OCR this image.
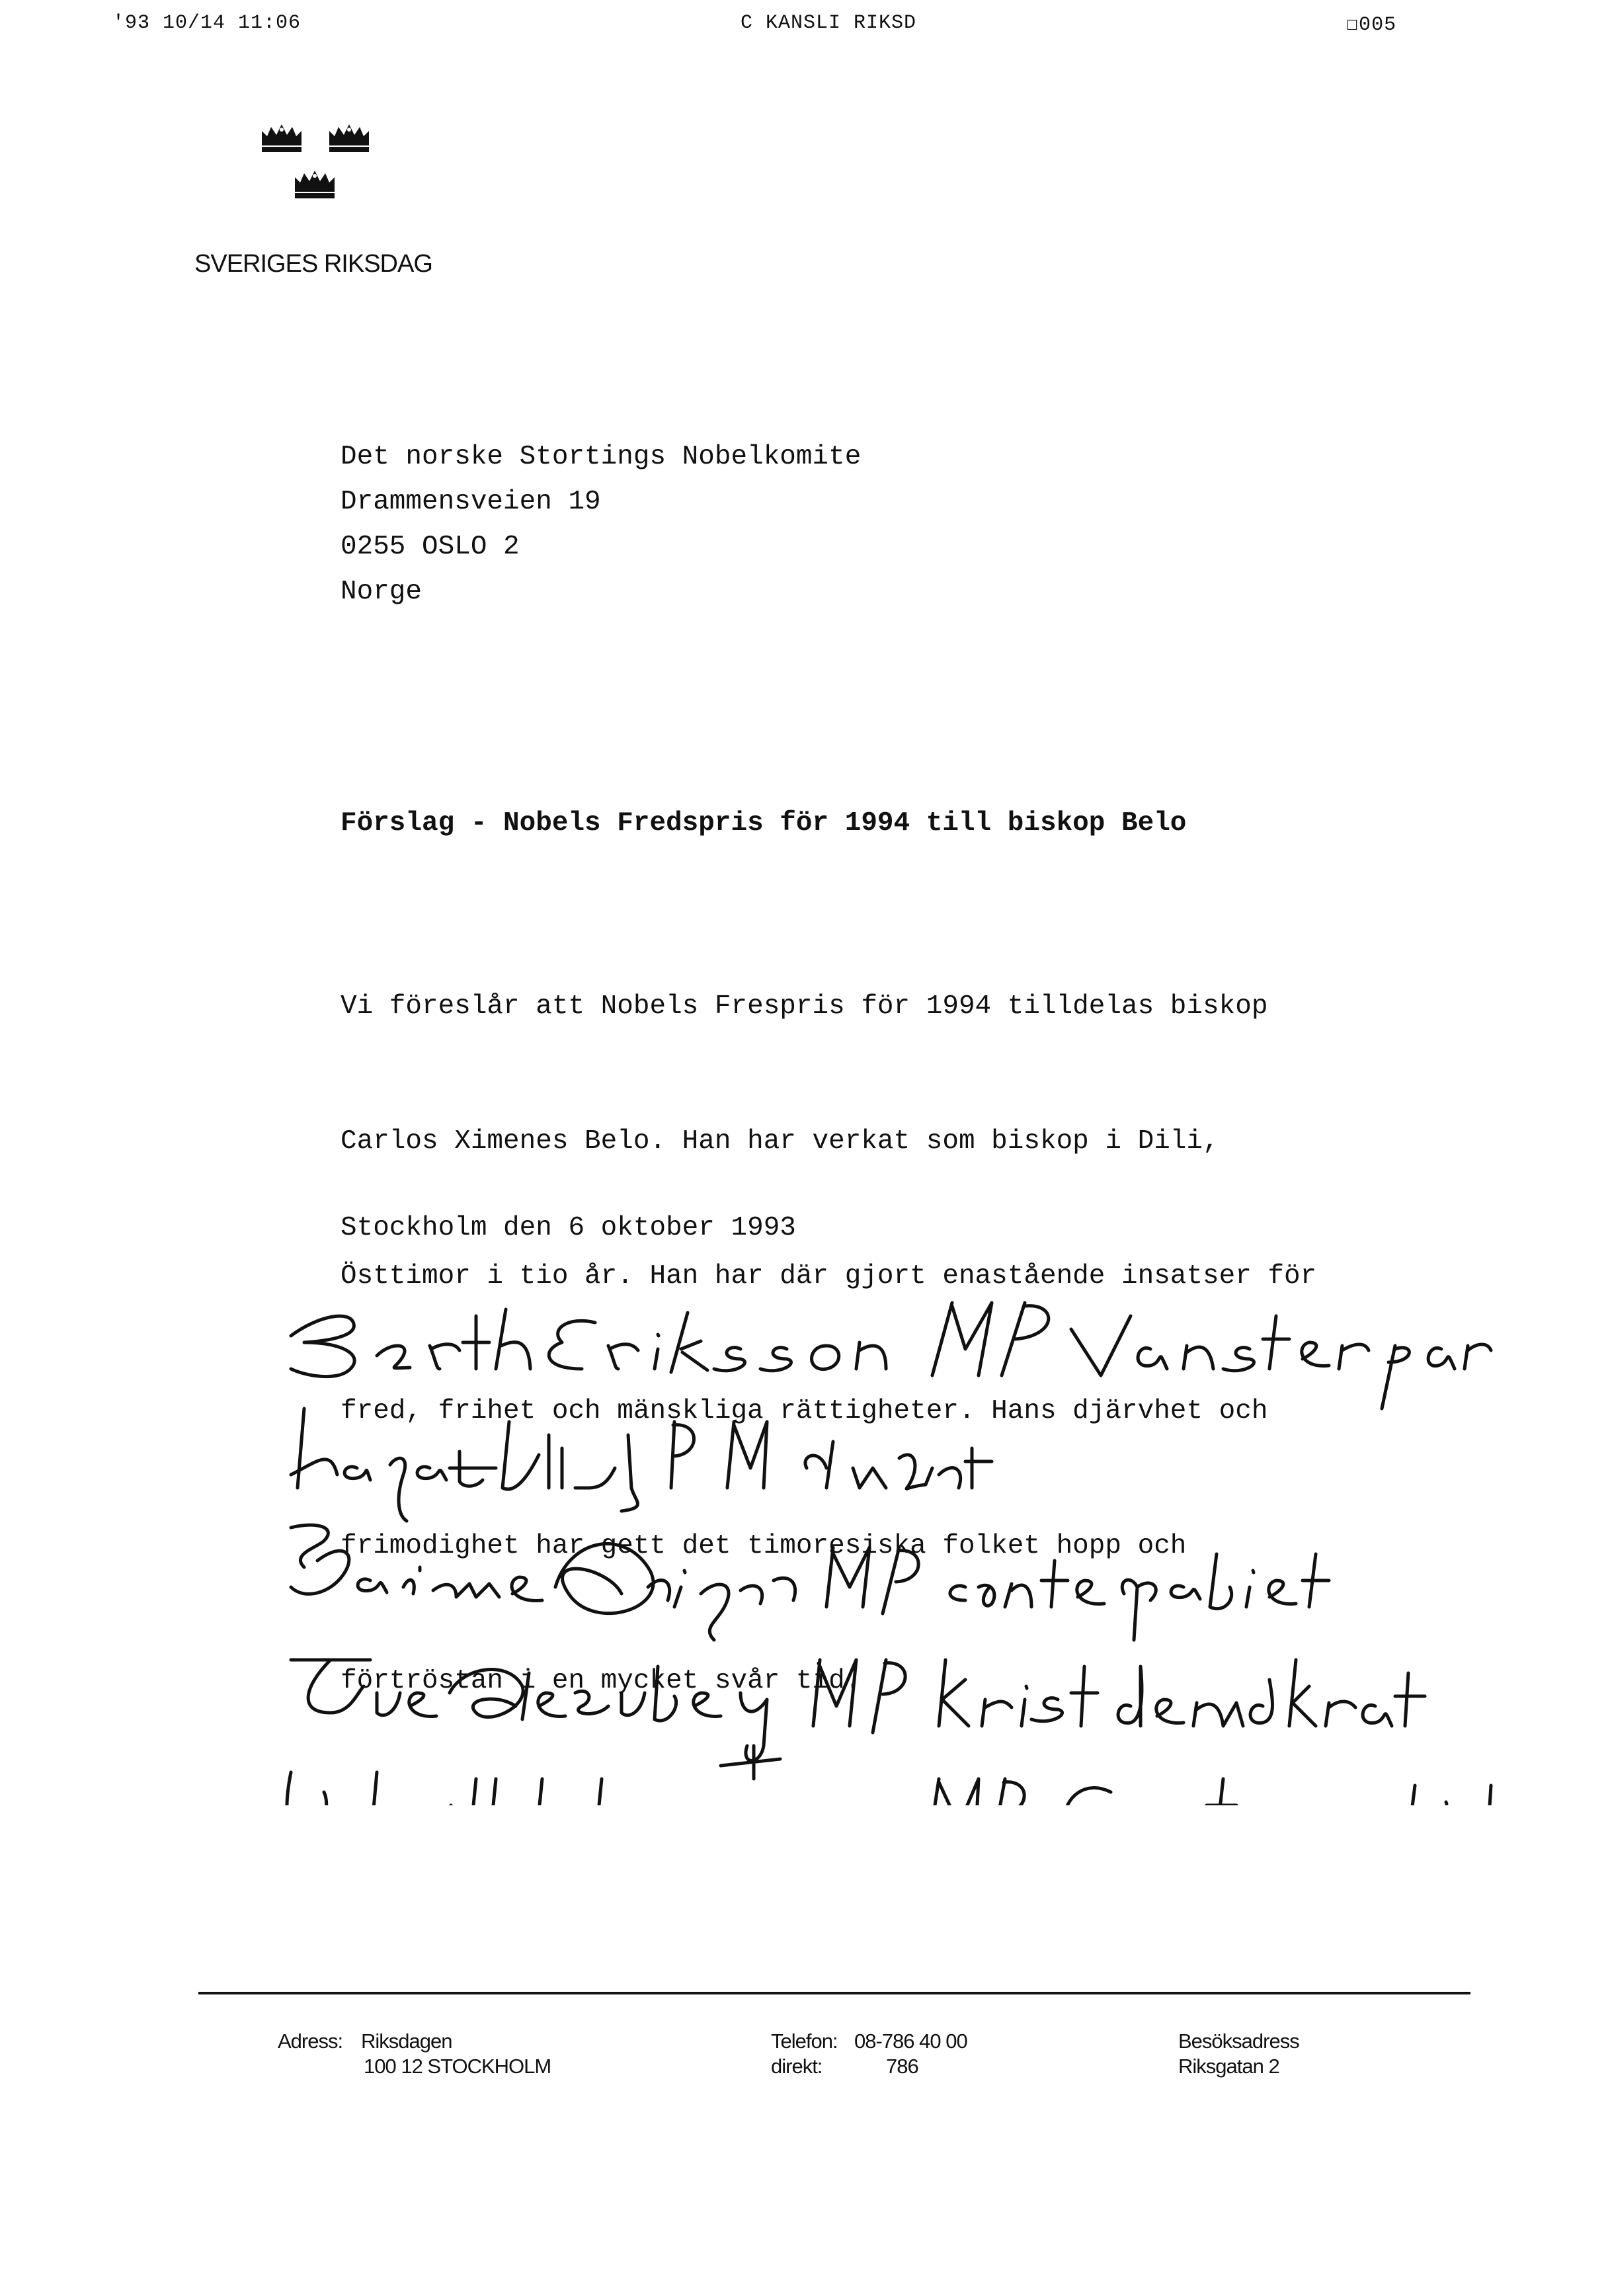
'93 10/14 11:06	C KANSLI RIKSD	☐005
SVERIGES RIKSDAG
Det norske Stortings Nobelkomite
Drammensveien 19
0255 OSLO 2
Norge
Förslag - Nobels Fredspris för 1994 till biskop Belo

Vi föreslår att Nobels Frespris för 1994 tilldelas biskop

Carlos Ximenes Belo. Han har verkat som biskop i Dili,

Östtimor i tio år. Han har där gjort enastående insatser för

fred, frihet och mänskliga rättigheter. Hans djärvhet och

frimodighet har gett det timoresiska folket hopp och

förtröstan i en mycket svår tid.

Stockholm den 6 oktober 1993
Adress: Riksdagen
100 12 STOCKHOLM
Telefon: 08-786 40 00
direkt:	786
Besöksadress
Riksgatan 2
